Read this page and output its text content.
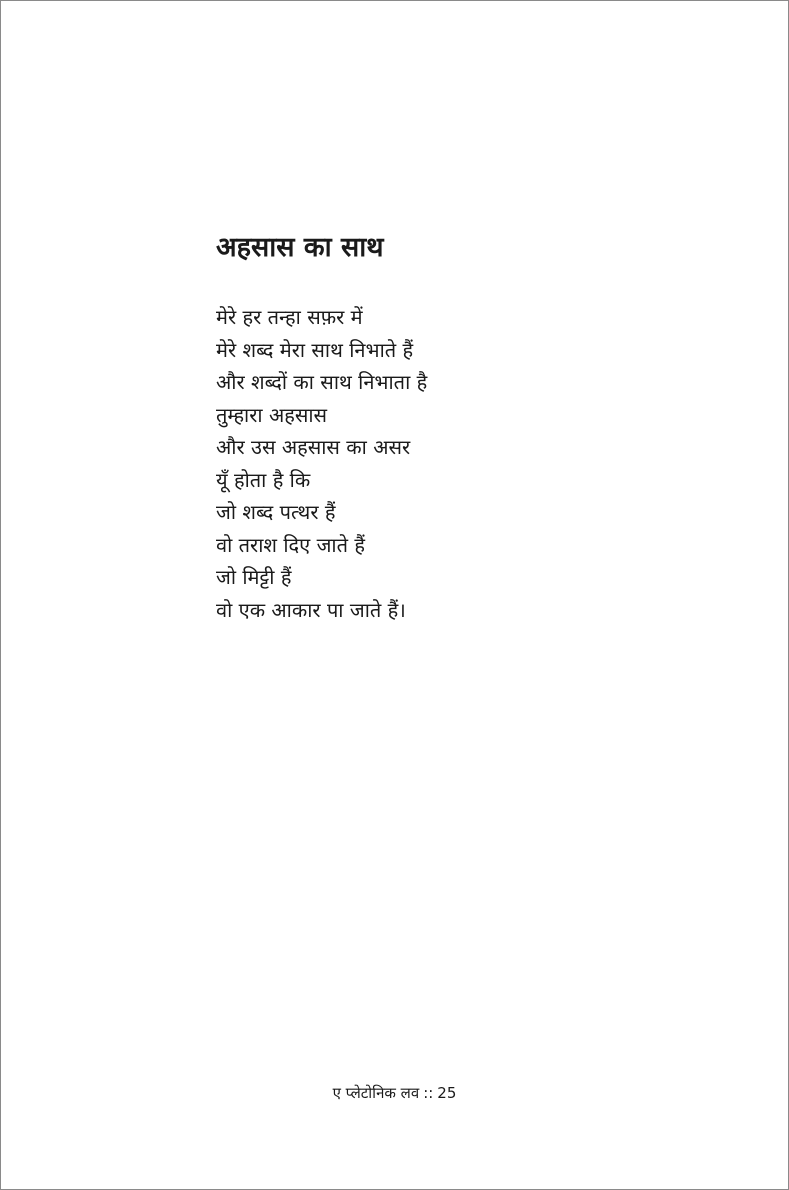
अहसास का साथ
मेरे हर तन्हा सफ़र में
मेरे शब्द मेरा साथ निभाते हैं
और शब्दों का साथ निभाता है
तुम्हारा अहसास
और उस अहसास का असर
यूँ होता है कि
जो शब्द पत्थर हैं
वो तराश दिए जाते हैं
जो मिट्टी हैं
वो एक आकार पा जाते हैं।
ए प्लेटोनिक लव :: 25
